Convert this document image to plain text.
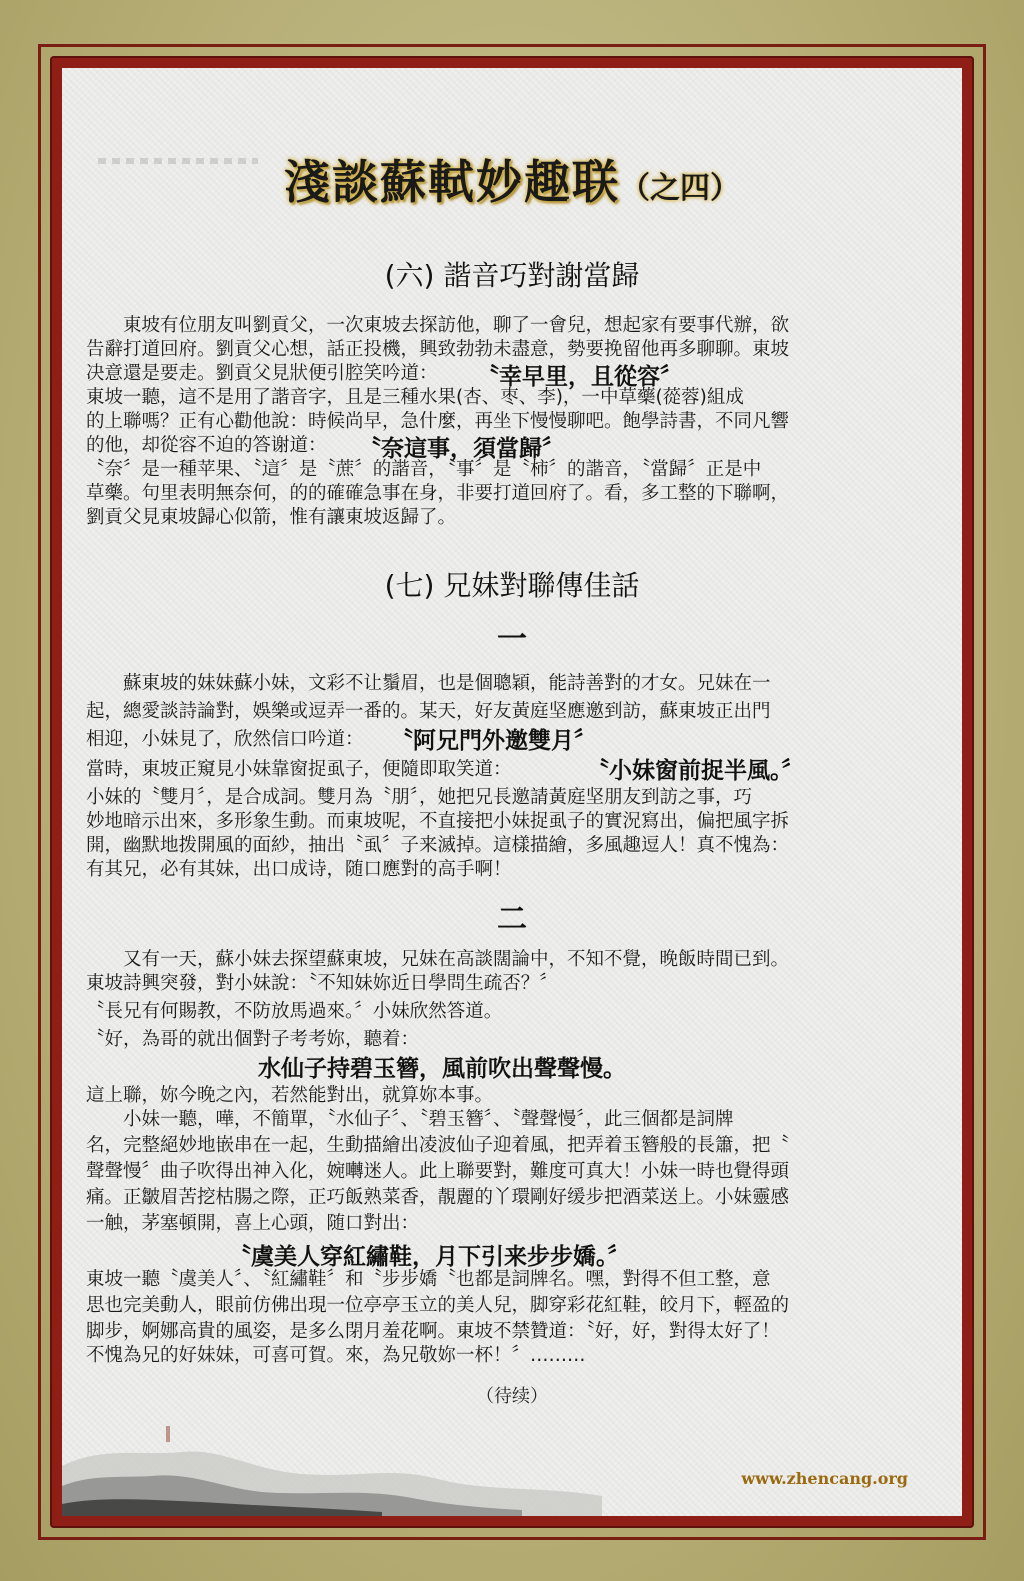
淺談蘇軾妙趣联（之四）
(六) 諧音巧對謝當歸

　　東坡有位朋友叫劉貢父，一次東坡去探訪他，聊了一會兒，想起家有要事代辦，欲

告辭打道回府。劉貢父心想，話正投機，興致勃勃未盡意，勢要挽留他再多聊聊。東坡

决意還是要走。劉貢父見狀便引腔笑吟道：	〝幸早里，且從容〞

東坡一聽，這不是用了諧音字，且是三種水果(杏、枣、李)，一中草藥(蓯蓉)組成

的上聯嗎？正有心勸他說：時候尚早，急什麼，再坐下慢慢聊吧。飽學詩書，不同凡響

的他，却從容不迫的答谢道：	〝奈這事，須當歸〞

〝奈〞是一種苹果、〝這〞是〝蔗〞的諧音，〝事〞是〝柿〞的諧音，〝當歸〞正是中

草藥。句里表明無奈何，的的確確急事在身，非要打道回府了。看，多工整的下聯啊，

劉貢父見東坡歸心似箭，惟有讓東坡返歸了。

(七) 兄妹對聯傳佳話
一

　　蘇東坡的妹妹蘇小妹，文彩不让鬚眉，也是個聰穎，能詩善對的才女。兄妹在一

起，總愛談詩論對，娛樂或逗弄一番的。某天，好友黃庭坚應邀到訪，蘇東坡正出門

相迎，小妹見了，欣然信口吟道：	〝阿兄門外邀雙月〞

當時，東坡正窺見小妹靠窗捉虱子，便隨即取笑道：	〝小妹窗前捉半風。〞

小妹的〝雙月〞，是合成詞。雙月為〝朋〞，她把兄長邀請黃庭坚朋友到訪之事，巧

妙地暗示出來，多形象生動。而東坡呢，不直接把小妹捉虱子的實況寫出，偏把風字拆

開，幽默地拨開風的面紗，抽出〝虱〞子来滅掉。這樣描繪，多風趣逗人！真不愧為：

有其兄，必有其妹，出口成诗，随口應對的高手啊！

二

　　又有一天，蘇小妹去探望蘇東坡，兄妹在高談闊論中，不知不覺，晚飯時間已到。

東坡詩興突發，對小妹說：〝不知妹妳近日學問生疏否？〞

〝長兄有何賜教，不防放馬過來。〞小妹欣然答道。

〝好，為哥的就出個對子考考妳，聽着：

水仙子持碧玉簪，風前吹出聲聲慢。

這上聯，妳今晚之內，若然能對出，就算妳本事。

　　小妹一聽，嘩，不簡單，〝水仙子〞、〝碧玉簪〞、〝聲聲慢〞，此三個都是詞牌

名，完整絕妙地嵌串在一起，生動描繪出凌波仙子迎着風，把弄着玉簪般的長簫，把〝

聲聲慢〞曲子吹得出神入化，婉囀迷人。此上聯要對，難度可真大！小妹一時也覺得頭

痛。正皺眉苦挖枯腸之際，正巧飯熟菜香，靚麗的丫環剛好缓步把酒菜送上。小妹靈感

一触，茅塞頓開，喜上心頭，随口對出：

〝虞美人穿紅繡鞋，月下引来步步嬌。〞

東坡一聽〝虞美人〞、〝紅繡鞋〞和〝步步嬌〝也都是詞牌名。嘿，對得不但工整，意

思也完美動人，眼前仿佛出現一位亭亭玉立的美人兒，脚穿彩花紅鞋，皎月下，輕盈的

脚步，婀娜高貴的風姿，是多么閉月羞花啊。東坡不禁贊道：〝好，好，對得太好了！

不愧為兄的好妹妹，可喜可賀。來，為兄敬妳一杯！〞………

（待续）
www.zhencang.org
